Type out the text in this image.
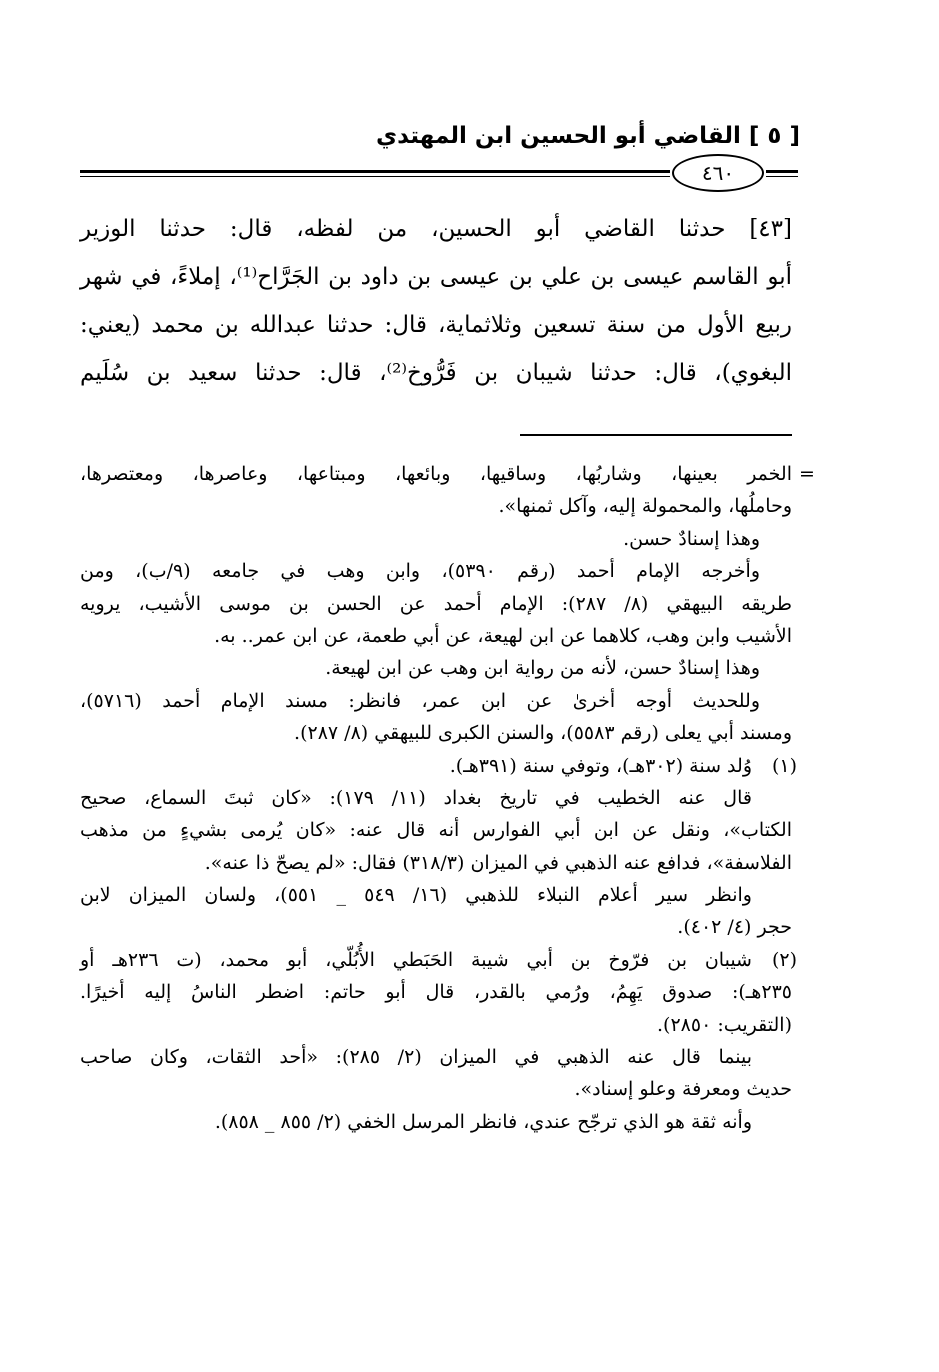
[ ٥ ] القاضي أبو الحسين ابن المهتدي
٤٦٠
[٤٣] حدثنا القاضي أبو الحسين، من لفظه، قال: حدثنا الوزير
أبو القاسم عيسى بن علي بن عيسى بن داود بن الجَرَّاح⁽¹⁾، إملاءً، في شهر
ربيع الأول من سنة تسعين وثلاثماية، قال: حدثنا عبدالله بن محمد (يعني:
البغوي)، قال: حدثنا شيبان بن فَرُّوخ⁽²⁾، قال: حدثنا سعيد بن سُلَيم
=
الخمر بعينها، وشاربُها، وساقيها، وبائعها، ومبتاعها، وعاصرها، ومعتصرها،
وحاملُها، والمحمولة إليه، وآكل ثمنها».
وهذا إسنادٌ حسن.
وأخرجه الإمام أحمد (رقم ٥٣٩٠)، وابن وهب في جامعه (٩/ب)، ومن
طريقه البيهقي (٨/ ٢٨٧): الإمام أحمد عن الحسن بن موسى الأشيب، يرويه
الأشيب وابن وهب، كلاهما عن ابن لهيعة، عن أبي طعمة، عن ابن عمر.. به.
وهذا إسنادٌ حسن، لأنه من رواية ابن وهب عن ابن لهيعة.
وللحديث أوجه أخرىٰ عن ابن عمر، فانظر: مسند الإمام أحمد (٥٧١٦)،
ومسند أبي يعلى (رقم ٥٥٨٣)، والسنن الكبرى للبيهقي (٨/ ٢٨٧).
(١)
وُلد سنة (٣٠٢هـ)، وتوفي سنة (٣٩١هـ).
قال عنه الخطيب في تاريخ بغداد (١١/ ١٧٩): «كان ثبتَ السماع، صحيح
الكتاب»، ونقل عن ابن أبي الفوارس أنه قال عنه: «كان يُرمى بشيءٍ من مذهب
الفلاسفة»، فدافع عنه الذهبي في الميزان (٣١٨/٣) فقال: «لم يصحّ ذا عنه».
وانظر سير أعلام النبلاء للذهبي (١٦/ ٥٤٩ _ ٥٥١)، ولسان الميزان لابن
حجر (٤/ ٤٠٢).
(٢)
شيبان بن فرّوخ بن أبي شيبة الحَبَطي الأُبُلّي، أبو محمد، (ت ٢٣٦هـ أو
٢٣٥هـ): صدوق يَهِمُ، ورُمي بالقدر، قال أبو حاتم: اضطر الناسُ إليه أخيرًا.
(التقريب: ٢٨٥٠).
بينما قال عنه الذهبي في الميزان (٢/ ٢٨٥): «أحد الثقات، وكان صاحب
حديث ومعرفة وعلو إسناد».
وأنه ثقة هو الذي ترجّح عندي، فانظر المرسل الخفي (٢/ ٨٥٥ _ ٨٥٨).
